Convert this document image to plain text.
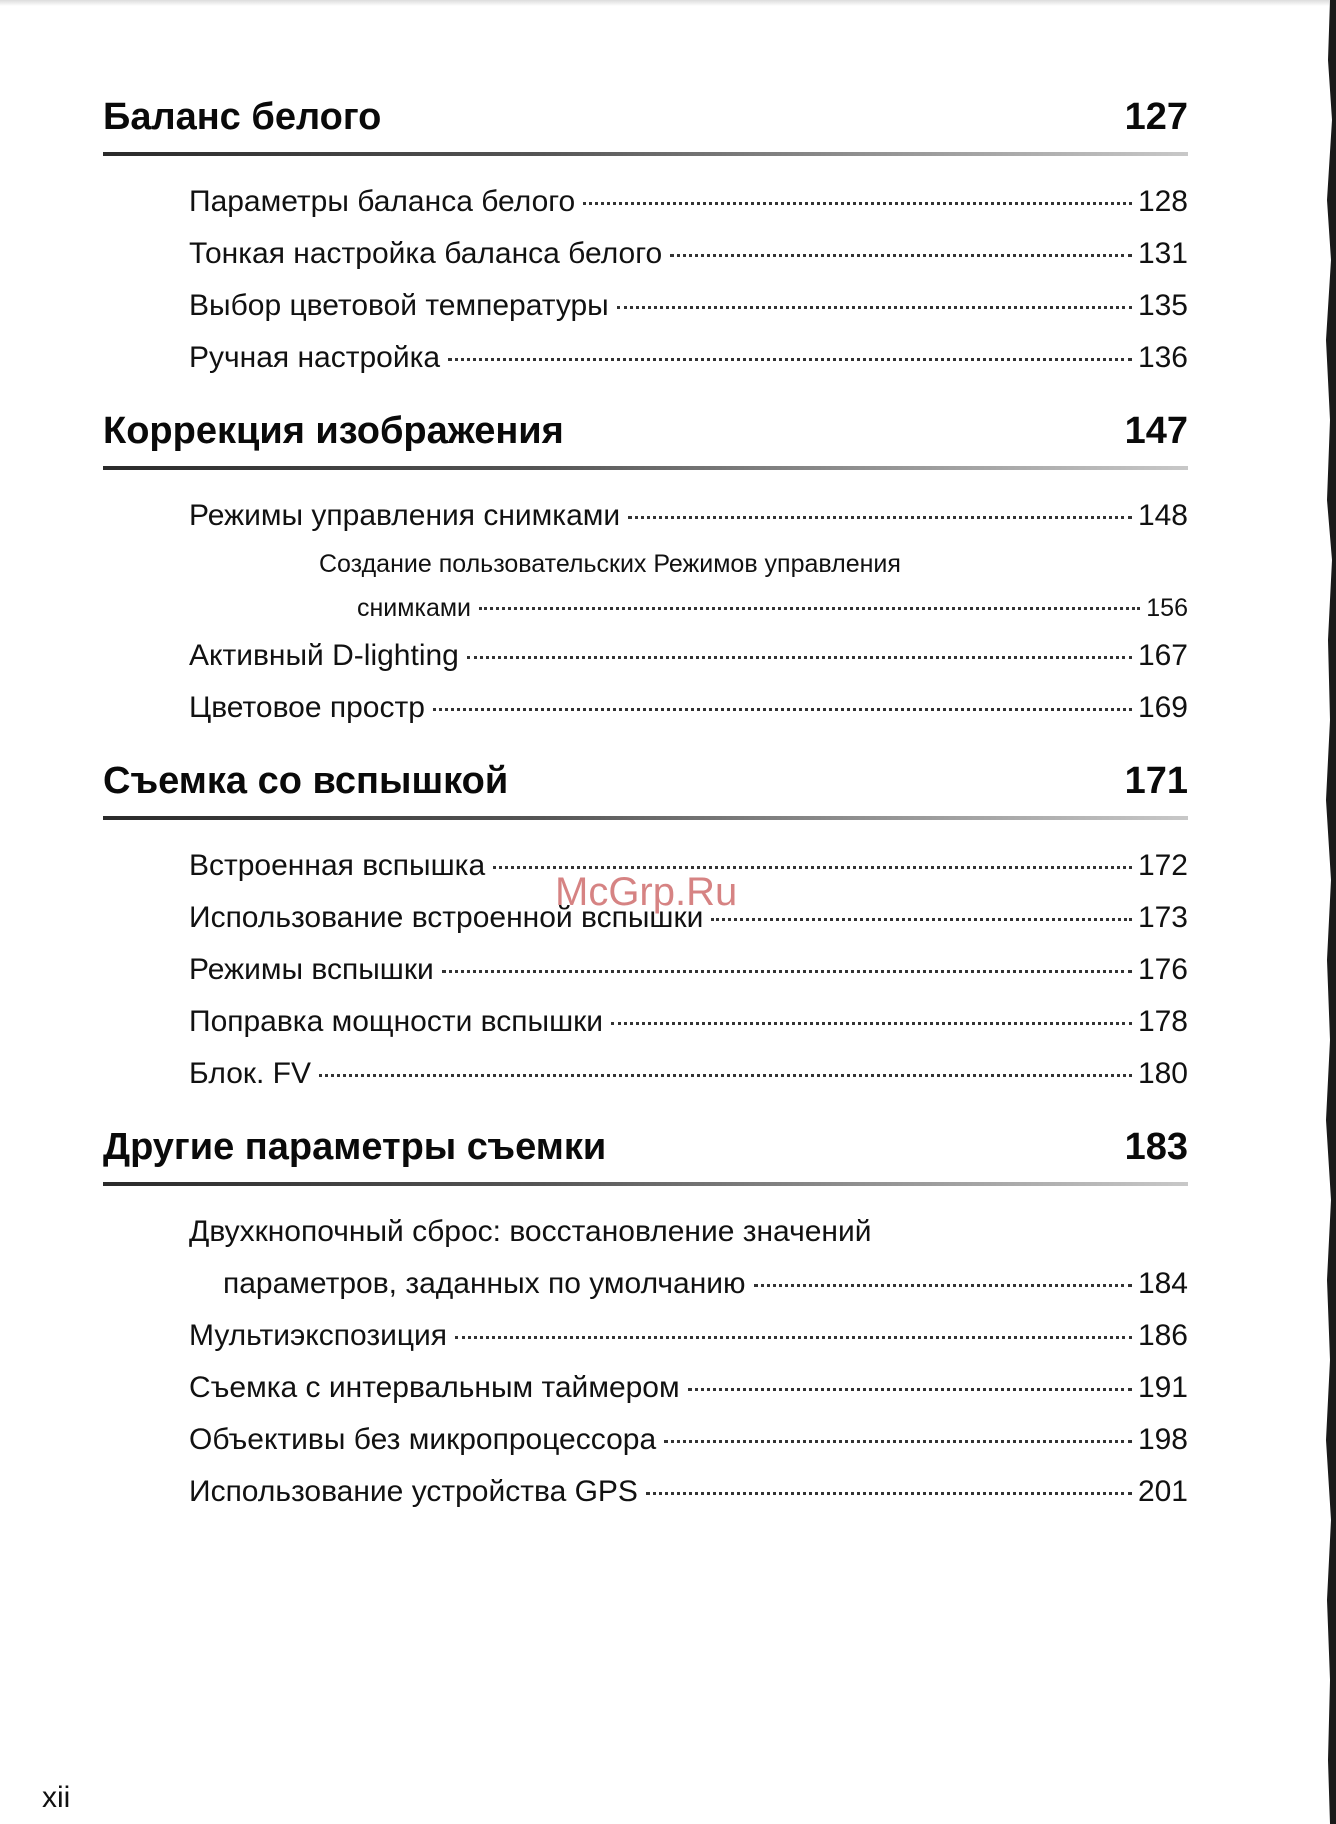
Баланс белого	127
Параметры баланса белого	128
Тонкая настройка баланса белого	131
Выбор цветовой температуры	135
Ручная настройка	136
Коррекция изображения	147
Режимы управления снимками	148
Создание пользовательских Режимов управления
снимками	156
Активный D-lighting	167
Цветовое простр	169
Съемка со вспышкой	171
Встроенная вспышка	172
Использование встроенной вспышки	173
Режимы вспышки	176
Поправка мощности вспышки	178
Блок. FV	180
Другие параметры съемки	183
Двухкнопочный сброс: восстановление значений
параметров, заданных по умолчанию	184
Мультиэкспозиция	186
Съемка с интервальным таймером	191
Объективы без микропроцессора	198
Использование устройства GPS	201
McGrp.Ru
xii
